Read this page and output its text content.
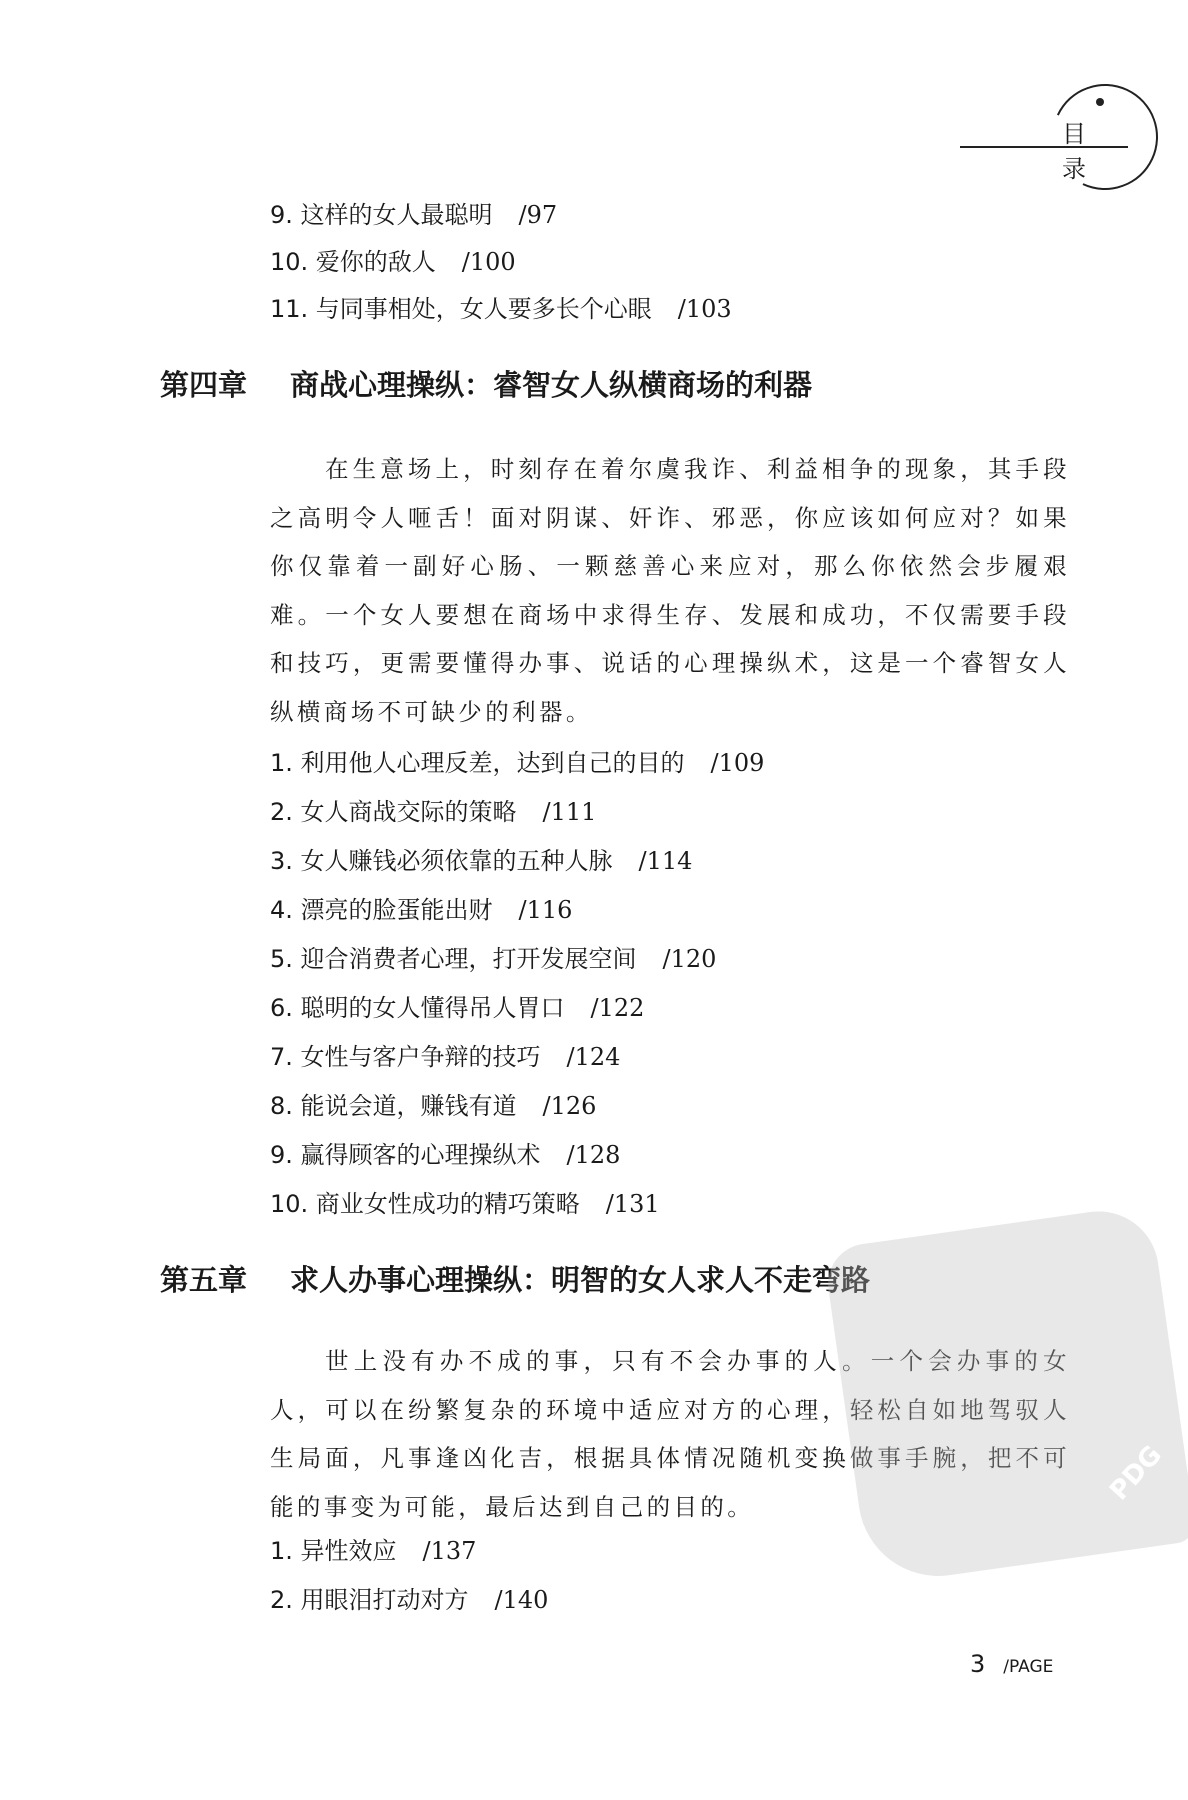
目 录
9. 这样的女人最聪明 /97
10. 爱你的敌人 /100
11. 与同事相处，女人要多长个心眼 /103
第四章 商战心理操纵：睿智女人纵横商场的利器
在生意场上，时刻存在着尔虞我诈、利益相争的现象，其手段之高明令人咂舌！面对阴谋、奸诈、邪恶，你应该如何应对？如果你仅靠着一副好心肠、一颗慈善心来应对，那么你依然会步履艰难。一个女人要想在商场中求得生存、发展和成功，不仅需要手段和技巧，更需要懂得办事、说话的心理操纵术，这是一个睿智女人纵横商场不可缺少的利器。
1. 利用他人心理反差，达到自己的目的 /109
2. 女人商战交际的策略 /111
3. 女人赚钱必须依靠的五种人脉 /114
4. 漂亮的脸蛋能出财 /116
5. 迎合消费者心理，打开发展空间 /120
6. 聪明的女人懂得吊人胃口 /122
7. 女性与客户争辩的技巧 /124
8. 能说会道，赚钱有道 /126
9. 赢得顾客的心理操纵术 /128
10. 商业女性成功的精巧策略 /131
第五章 求人办事心理操纵：明智的女人求人不走弯路
世上没有办不成的事，只有不会办事的人。一个会办事的女人，可以在纷繁复杂的环境中适应对方的心理，轻松自如地驾驭人生局面，凡事逢凶化吉，根据具体情况随机变换做事手腕，把不可能的事变为可能，最后达到自己的目的。
1. 异性效应 /137
2. 用眼泪打动对方 /140
PDG
3 /PAGE
